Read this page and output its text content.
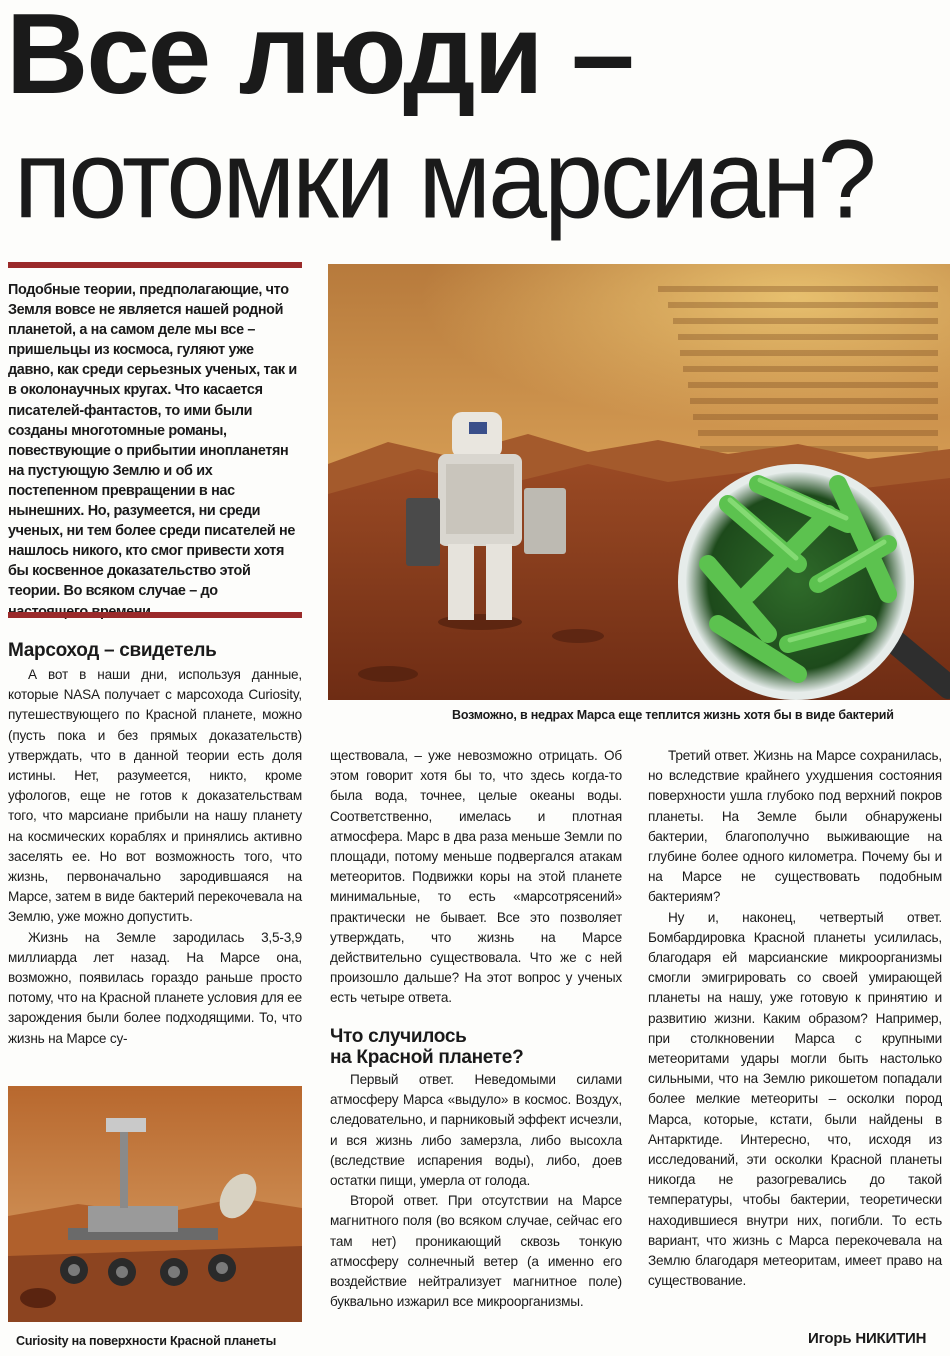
Все люди –
потомки марсиан?
Подобные теории, предполагающие, что Земля вовсе не является нашей родной планетой, а на самом деле мы все – пришельцы из космоса, гуляют уже давно, как среди серьезных ученых, так и в околонаучных кругах. Что касается писателей-фантастов, то ими были созданы многотомные романы, повествующие о прибытии инопланетян на пустующую Землю и об их постепенном превращении в нас нынешних. Но, разумеется, ни среди ученых, ни тем более среди писателей не нашлось никого, кто смог привести хотя бы косвенное доказательство этой теории. Во всяком случае – до
Возможно, в недрах Марса еще теплится жизнь хотя бы в виде бактерий
Марсоход – свидетель

А вот в наши дни, используя данные, которые NASA получает с марсохода Curiosity, путешествующего по Красной планете, можно (пусть пока и без прямых доказательств) утверждать, что в данной теории есть доля истины. Нет, разумеется, никто, кроме уфологов, еще не готов к доказательствам того, что марсиане прибыли на нашу планету на космических кораблях и принялись активно заселять ее. Но вот возможность того, что жизнь, первоначально зародившаяся на Марсе, затем в виде бактерий перекочевала на Землю, уже можно допустить.

Жизнь на Земле зародилась 3,5-3,9 миллиарда лет назад. На Марсе она, возможно, появилась гораздо раньше просто потому, что на Красной планете условия для ее зарождения были более подходящими. То, что жизнь на Марсе су-

Curiosity на поверхности Красной планеты

ществовала, – уже невозможно отрицать. Об этом говорит хотя бы то, что здесь когда-то была вода, точнее, целые океаны воды. Соответственно, имелась и плотная атмосфера. Марс в два раза меньше Земли по площади, потому меньше подвергался атакам метеоритов. Подвижки коры на этой планете минимальные, то есть «марсотрясений» практически не бывает. Все это позволяет утверждать, что жизнь на Марсе действительно существовала. Что же с ней произошло дальше? На этот вопрос у ученых есть четыре ответа.

Что случилось
на Красной планете?

Первый ответ. Неведомыми силами атмосферу Марса «выдуло» в космос. Воздух, следовательно, и парниковый эффект исчезли, и вся жизнь либо замерзла, либо высохла (вследствие испарения воды), либо, доев остатки пищи, умерла от голода.

Второй ответ. При отсутствии на Марсе магнитного поля (во всяком случае, сейчас его там нет) проникающий сквозь тонкую атмосферу солнечный ветер (а именно его воздействие нейтрализует магнитное поле) буквально изжарил все микроорганизмы.

Третий ответ. Жизнь на Марсе сохранилась, но вследствие крайнего ухудшения состояния поверхности ушла глубоко под верхний покров планеты. На Земле были обнаружены бактерии, благополучно выживающие на глубине более одного километра. Почему бы и на Марсе не существовать подобным бактериям?

Ну и, наконец, четвертый ответ. Бомбардировка Красной планеты усилилась, благодаря ей марсианские микроорганизмы смогли эмигрировать со своей умирающей планеты на нашу, уже готовую к принятию и развитию жизни. Каким образом? Например, при столкновении Марса с крупными метеоритами удары могли быть настолько сильными, что на Землю рикошетом попадали более мелкие метеориты – осколки пород Марса, которые, кстати, были найдены в Антарктиде. Интересно, что, исходя из исследований, эти осколки Красной планеты никогда не разогревались до такой температуры, чтобы бактерии, теоретически находившиеся внутри них, погибли. То есть вариант, что жизнь с Марса перекочевала на Землю благодаря метеоритам, имеет право на существование.

Игорь НИКИТИН
